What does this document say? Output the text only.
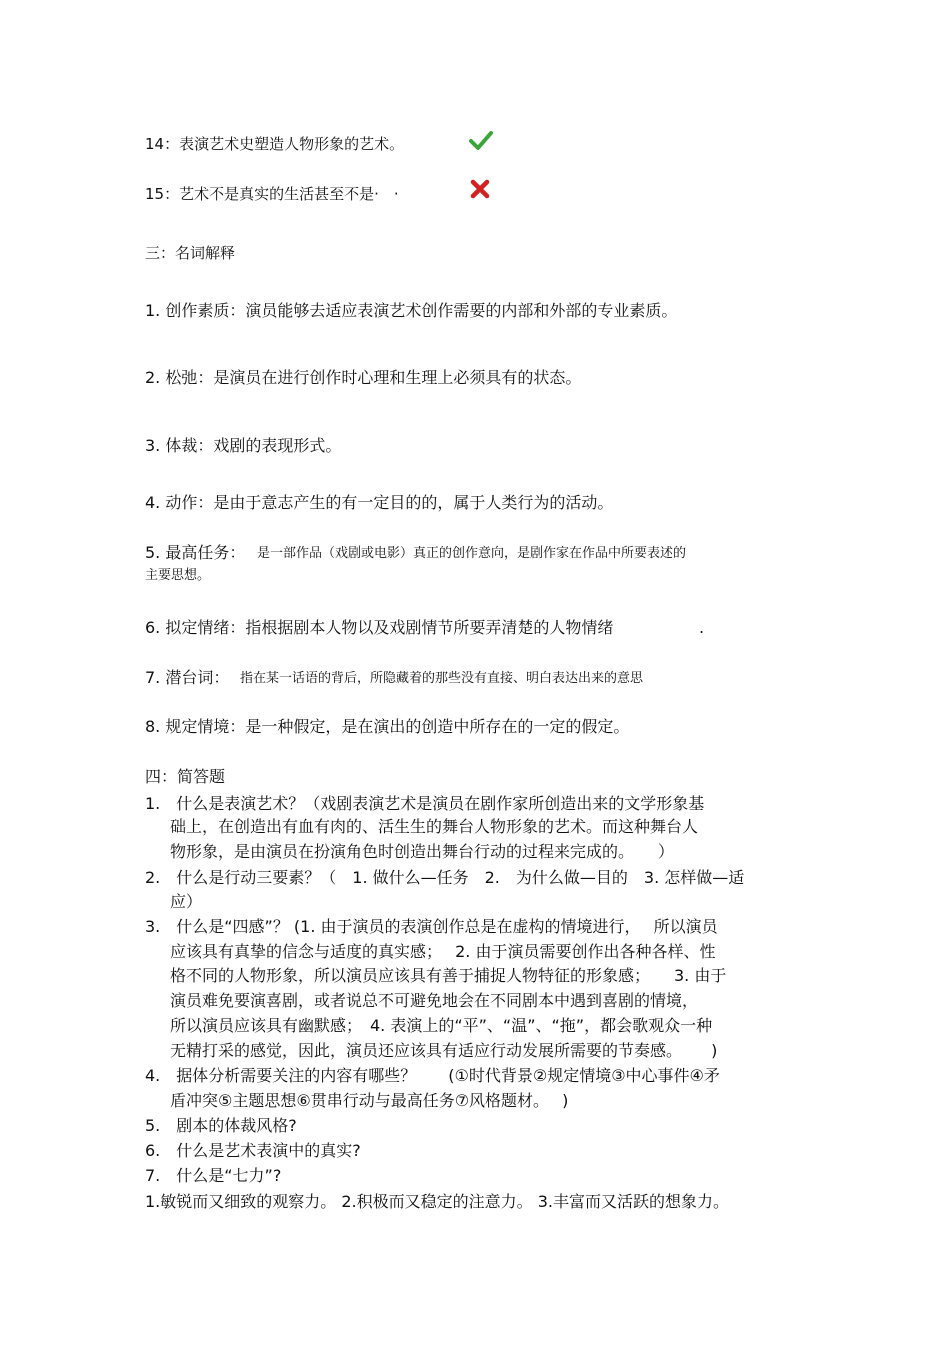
14：表演艺术史塑造人物形象的艺术。
15：艺术不是真实的生活甚至不是·　·
三：名词解释
1. 创作素质：演员能够去适应表演艺术创作需要的内部和外部的专业素质。
2. 松弛：是演员在进行创作时心理和生理上必须具有的状态。
3. 体裁：戏剧的表现形式。
4. 动作：是由于意志产生的有一定目的的，属于人类行为的活动。
5. 最高任务： 是一部作品（戏剧或电影）真正的创作意向，是剧作家在作品中所要表述的
主要思想。
6. 拟定情绪：指根据剧本人物以及戏剧情节所要弄清楚的人物情绪	.
7. 潜台词： 指在某一话语的背后，所隐藏着的那些没有直接、明白表达出来的意思
8. 规定情境：是一种假定，是在演出的创造中所存在的一定的假定。
四：简答题
1.　什么是表演艺术？（戏剧表演艺术是演员在剧作家所创造出来的文学形象基
础上，在创造出有血有肉的、活生生的舞台人物形象的艺术。而这种舞台人
物形象，是由演员在扮演角色时创造出舞台行动的过程来完成的。　　）
2.　什么是行动三要素？（　1. 做什么—任务　2.　为什么做—目的　3. 怎样做—适
应）
3.　什么是“四感”？ (1. 由于演员的表演创作总是在虚构的情境进行，　 所以演员
应该具有真挚的信念与适度的真实感；　 2. 由于演员需要创作出各种各样、性
格不同的人物形象，所以演员应该具有善于捕捉人物特征的形象感；　　3. 由于
演员难免要演喜剧，或者说总不可避免地会在不同剧本中遇到喜剧的情境，
所以演员应该具有幽默感；　4. 表演上的“平”、“温”、“拖”，都会歌观众一种
无精打采的感觉，因此，演员还应该具有适应行动发展所需要的节奏感。　　 )
4.　据体分析需要关注的内容有哪些？　　(①时代背景②规定情境③中心事件④矛
盾冲突⑤主题思想⑥贯串行动与最高任务⑦风格题材。　 )
5.　剧本的体裁风格?
6.　什么是艺术表演中的真实?
7.　什么是“七力”?
1.敏锐而又细致的观察力。 2.积极而又稳定的注意力。 3.丰富而又活跃的想象力。
